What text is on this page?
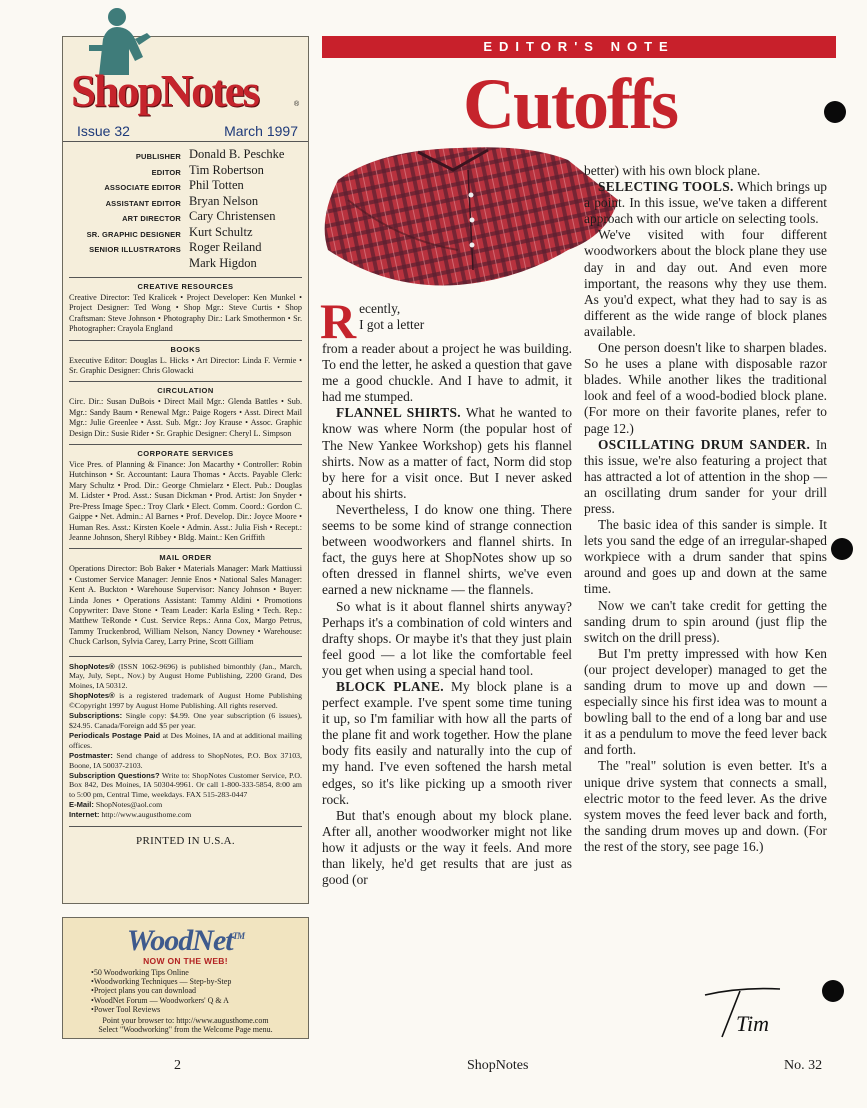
ShopNotes	®
Issue 32	March 1997
PUBLISHER Donald B. Peschke
EDITOR Tim Robertson
ASSOCIATE EDITOR Phil Totten
ASSISTANT EDITOR Bryan Nelson
ART DIRECTOR Cary Christensen
SR. GRAPHIC DESIGNER Kurt Schultz
SENIOR ILLUSTRATORS Roger Reiland
Mark Higdon
CREATIVE RESOURCES
Creative Director: Ted Kralicek • Project Developer: Ken Munkel • Project Designer: Ted Wong • Shop Mgr.: Steve Curtis • Shop Craftsman: Steve Johnson • Photography Dir.: Lark Smothermon • Sr. Photographer: Crayola England
BOOKS
Executive Editor: Douglas L. Hicks • Art Director: Linda F. Vermie • Sr. Graphic Designer: Chris Glowacki
CIRCULATION
Circ. Dir.: Susan DuBois • Direct Mail Mgr.: Glenda Battles • Sub. Mgr.: Sandy Baum • Renewal Mgr.: Paige Rogers • Asst. Direct Mail Mgr.: Julie Greenlee • Asst. Sub. Mgr.: Joy Krause • Assoc. Graphic Design Dir.: Susie Rider • Sr. Graphic Designer: Cheryl L. Simpson
CORPORATE SERVICES
Vice Pres. of Planning & Finance: Jon Macarthy • Controller: Robin Hutchinson • Sr. Accountant: Laura Thomas • Accts. Payable Clerk: Mary Schultz • Prod. Dir.: George Chmielarz • Elect. Pub.: Douglas M. Lidster • Prod. Asst.: Susan Dickman • Prod. Artist: Jon Snyder • Pre-Press Image Spec.: Troy Clark • Elect. Comm. Coord.: Gordon C. Gaippe • Net. Admin.: Al Barnes • Prof. Develop. Dir.: Joyce Moore • Human Res. Asst.: Kirsten Koele • Admin. Asst.: Julia Fish • Recept.: Jeanne Johnson, Sheryl Ribbey • Bldg. Maint.: Ken Griffith
MAIL ORDER
Operations Director: Bob Baker • Materials Manager: Mark Mattiussi • Customer Service Manager: Jennie Enos • National Sales Manager: Kent A. Buckton • Warehouse Supervisor: Nancy Johnson • Buyer: Linda Jones • Operations Assistant: Tammy Aldini • Promotions Copywriter: Dave Stone • Team Leader: Karla Esling • Tech. Rep.: Matthew TeRonde • Cust. Service Reps.: Anna Cox, Margo Petrus, Tammy Truckenbrod, William Nelson, Nancy Downey • Warehouse: Chuck Carlson, Sylvia Carey, Larry Prine, Scott Gilliam
ShopNotes® (ISSN 1062-9696) is published bimonthly (Jan., March, May, July, Sept., Nov.) by August Home Publishing, 2200 Grand, Des Moines, IA 50312.
ShopNotes® is a registered trademark of August Home Publishing ©Copyright 1997 by August Home Publishing. All rights reserved.
Subscriptions: Single copy: $4.99. One year subscription (6 issues), $24.95. Canada/Foreign add $5 per year.
Periodicals Postage Paid at Des Moines, IA and at additional mailing offices.
Postmaster: Send change of address to ShopNotes, P.O. Box 37103, Boone, IA 50037-2103.
Subscription Questions? Write to: ShopNotes Customer Service, P.O. Box 842, Des Moines, IA 50304-9961. Or call 1-800-333-5854, 8:00 am to 5:00 pm, Central Time, weekdays. FAX 515-283-0447
E-Mail: ShopNotes@aol.com
Internet: http://www.augusthome.com
PRINTED IN U.S.A.
WoodNet™
NOW ON THE WEB!
• 50 Woodworking Tips Online
• Woodworking Techniques — Step-by-Step
• Project plans you can download
• WoodNet Forum — Woodworkers' Q & A
• Power Tool Reviews
Point your browser to: http://www.augusthome.com
Select "Woodworking" from the Welcome Page menu.
EDITOR'S NOTE
Cutoffs
R ecently,
I got a letter

from a reader about a project he was building. To end the letter, he asked a question that gave me a good chuckle. And I have to admit, it had me stumped.

FLANNEL SHIRTS. What he wanted to know was where Norm (the popular host of The New Yankee Workshop) gets his flannel shirts. Now as a matter of fact, Norm did stop by here for a visit once. But I never asked about his shirts.

Nevertheless, I do know one thing. There seems to be some kind of strange connection between woodworkers and flannel shirts. In fact, the guys here at ShopNotes show up so often dressed in flannel shirts, we've even earned a new nickname — the flannels.

So what is it about flannel shirts anyway? Perhaps it's a combination of cold winters and drafty shops. Or maybe it's that they just plain feel good — a lot like the comfortable feel you get when using a special hand tool.

BLOCK PLANE. My block plane is a perfect example. I've spent some time tuning it up, so I'm familiar with how all the parts of the plane fit and work together. How the plane body fits easily and naturally into the cup of my hand. I've even softened the harsh metal edges, so it's like picking up a smooth river rock.

But that's enough about my block plane. After all, another woodworker might not like how it adjusts or the way it feels. And more than likely, he'd get results that are just as good (or

better) with his own block plane.

SELECTING TOOLS. Which brings up a point. In this issue, we've taken a different approach with our article on selecting tools.

We've visited with four different woodworkers about the block plane they use day in and day out. And even more important, the reasons why they use them. As you'd expect, what they had to say is as different as the wide range of block planes available.

One person doesn't like to sharpen blades. So he uses a plane with disposable razor blades. While another likes the traditional look and feel of a wood-bodied block plane. (For more on their favorite planes, refer to page 12.)

OSCILLATING DRUM SANDER. In this issue, we're also featuring a project that has attracted a lot of attention in the shop — an oscillating drum sander for your drill press.

The basic idea of this sander is simple. It lets you sand the edge of an irregular-shaped workpiece with a drum sander that spins around and goes up and down at the same time.

Now we can't take credit for getting the sanding drum to spin around (just flip the switch on the drill press).

But I'm pretty impressed with how Ken (our project developer) managed to get the sanding drum to move up and down — especially since his first idea was to mount a bowling ball to the end of a long bar and use it as a pendulum to move the feed lever back and forth.

The "real" solution is even better. It's a unique drive system that connects a small, electric motor to the feed lever. As the drive system moves the feed lever back and forth, the sanding drum moves up and down. (For the rest of the story, see page 16.)

Tim
2	ShopNotes	No. 32
